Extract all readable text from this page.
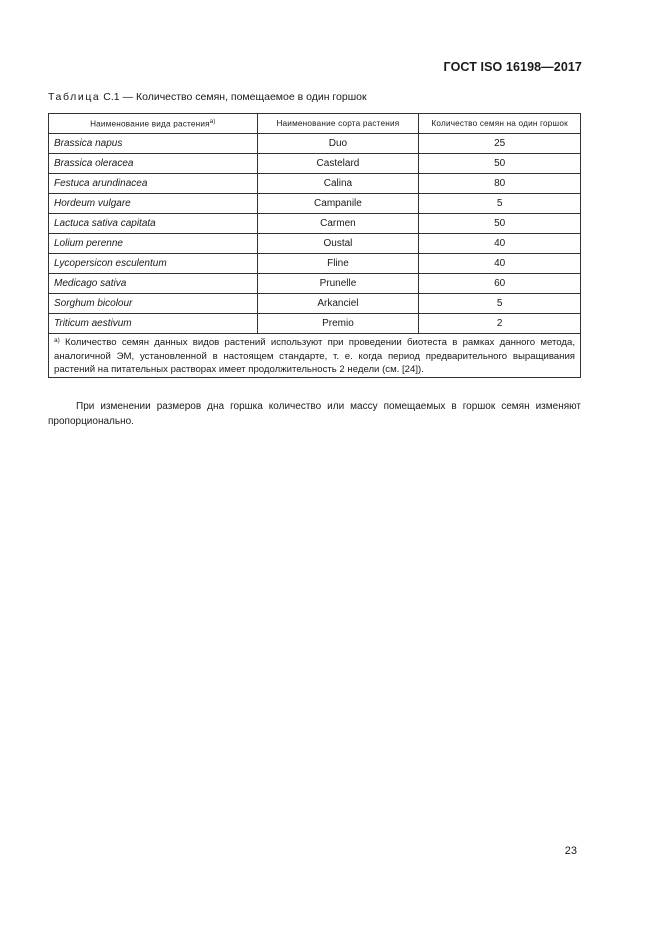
ГОСТ ISO 16198—2017
Таблица С.1 — Количество семян, помещаемое в один горшок
Наименование вида растения$^{a)}$	Наименование сорта растения	Количество семян на один горшок
Brassica napus	Duo	25
Brassica oleracea	Castelard	50
Festuca arundinacea	Calina	80
Hordeum vulgare	Campanile	5
Lactuca sativa capitata	Carmen	50
Lolium perenne	Oustal	40
Lycopersicon esculentum	Fline	40
Medicago sativa	Prunelle	60
Sorghum bicolour	Arkanciel	5
Triticum aestivum	Premio	2
$^{a)}$ Количество семян данных видов растений используют при проведении биотеста в рамках данного метода, аналогичной ЭМ, установленной в настоящем стандарте, т. е. когда период предварительного выращивания растений на питательных растворах имеет продолжительность 2 недели (см. [24]).		

При изменении размеров дна горшка количество или массу помещаемых в горшок семян изменяют пропорционально.

23
